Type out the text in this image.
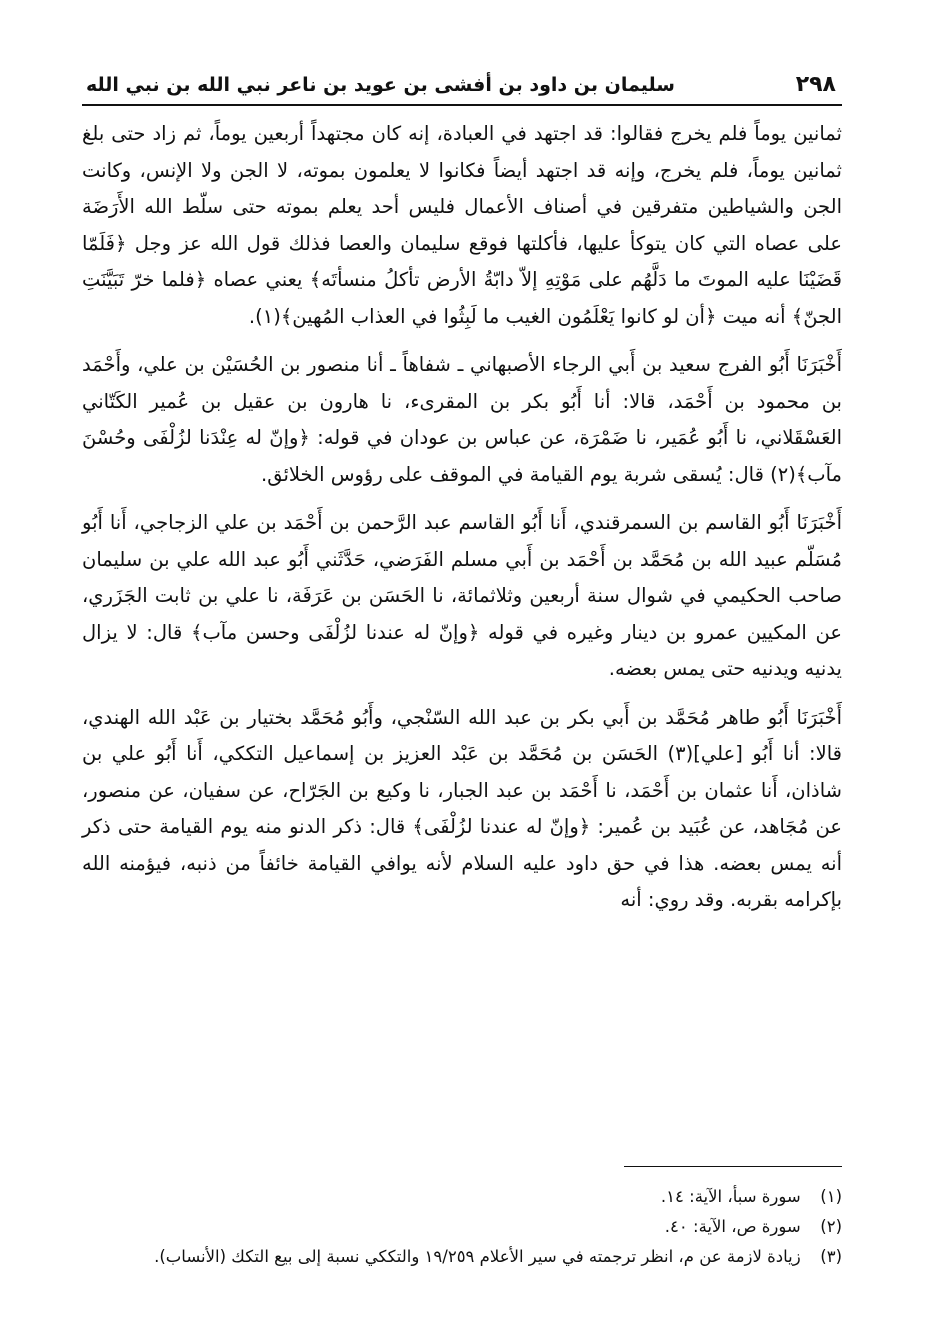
٢٩٨
سليمان بن داود بن أفشى بن عويد بن ناعر نبي الله بن نبي الله

ثمانين يوماً فلم يخرج فقالوا: قد اجتهد في العبادة، إنه كان مجتهداً أربعين يوماً، ثم زاد حتى بلغ ثمانين يوماً، فلم يخرج، وإنه قد اجتهد أيضاً فكانوا لا يعلمون بموته، لا الجن ولا الإنس، وكانت الجن والشياطين متفرقين في أصناف الأعمال فليس أحد يعلم بموته حتى سلّط الله الأَرَضَة على عصاه التي كان يتوكأ عليها، فأكلتها فوقع سليمان والعصا فذلك قول الله عز وجل ﴿فَلَمّا قَضَيْنَا عليه الموتَ ما دَلَّهُم على مَوْتِهِ إلاّ دابّةُ الأرض تأكلُ منسأتَه﴾ يعني عصاه ﴿فلما خرّ تَبَيَّنَتِ الجنّ﴾ أنه ميت ﴿أن لو كانوا يَعْلَمُون الغيب ما لَبِثُوا في العذاب المُهين﴾(١).

أَخْبَرَنَا أَبُو الفرج سعيد بن أَبي الرجاء الأصبهاني ـ شفاهاً ـ أنا منصور بن الحُسَيْن بن علي، وأَحْمَد بن محمود بن أَحْمَد، قالا: أنا أَبُو بكر بن المقرىء، نا هارون بن عقيل بن عُمير الكَتّاني العَسْقَلاني، نا أَبُو عُمَير، نا ضَمْرَة، عن عباس بن عودان في قوله: ﴿وإنّ له عِنْدَنا لزُلْفَى وحُسْنَ مآب﴾(٢) قال: يُسقى شربة يوم القيامة في الموقف على رؤوس الخلائق.

أَخْبَرَنَا أَبُو القاسم بن السمرقندي، أَنا أَبُو القاسم عبد الرَّحمن بن أَحْمَد بن علي الزجاجي، أَنا أَبُو مُسَلّم عبيد الله بن مُحَمَّد بن أَحْمَد بن أَبي مسلم الفَرَضي، حَدَّثَني أَبُو عبد الله علي بن سليمان صاحب الحكيمي في شوال سنة أربعين وثلاثمائة، نا الحَسَن بن عَرَفَة، نا علي بن ثابت الجَزَري، عن المكيين عمرو بن دينار وغيره في قوله ﴿وإنّ له عندنا لزُلْفَى وحسن مآب﴾ قال: لا يزال يدنيه ويدنيه حتى يمس بعضه.

أَخْبَرَنَا أَبُو طاهر مُحَمَّد بن أَبي بكر بن عبد الله السّنْجي، وأَبُو مُحَمَّد بختيار بن عَبْد الله الهندي، قالا: أنا أَبُو [علي](٣) الحَسَن بن مُحَمَّد بن عَبْد العزيز بن إسماعيل التككي، أَنا أَبُو علي بن شاذان، أَنا عثمان بن أَحْمَد، نا أَحْمَد بن عبد الجبار، نا وكيع بن الجَرّاح، عن سفيان، عن منصور، عن مُجَاهد، عن عُبَيد بن عُمير: ﴿وإنّ له عندنا لزُلْفَى﴾ قال: ذكر الدنو منه يوم القيامة حتى ذكر أنه يمس بعضه. هذا في حق داود عليه السلام لأنه يوافي القيامة خائفاً من ذنبه، فيؤمنه الله بإكرامه بقربه. وقد روي: أنه

(١) سورة سبأ، الآية: ١٤.
(٢) سورة ص، الآية: ٤٠.
(٣) زيادة لازمة عن م، انظر ترجمته في سير الأعلام ١٩/٢٥٩ والتككي نسبة إلى بيع التكك (الأنساب).
